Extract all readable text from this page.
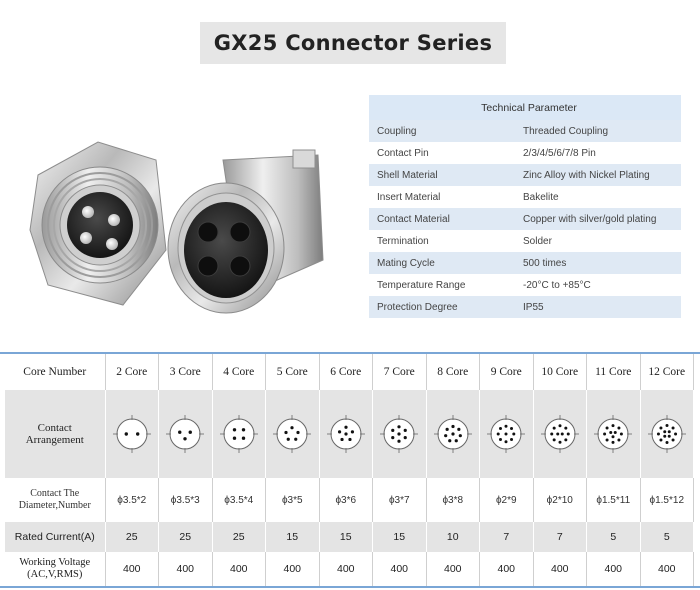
GX25 Connector Series
Technical Parameter	
Coupling	Threaded Coupling
Contact Pin	2/3/4/5/6/7/8 Pin
Shell Material	Zinc Alloy with Nickel Plating
Insert Material	Bakelite
Contact Material	Copper with silver/gold plating
Termination	Solder
Mating Cycle	500 times
Temperature Range	-20°C to +85°C
Protection Degree	IP55
Core Number	2 Core	3 Core	4 Core	5 Core	6 Core	7 Core	8 Core	9 Core	10 Core	11 Core	12 Core

Contact
Arrangement

Contact The
Diameter,Number	ϕ3.5*2	ϕ3.5*3	ϕ3.5*4	ϕ3*5	ϕ3*6	ϕ3*7	ϕ3*8	ϕ2*9	ϕ2*10	ϕ1.5*11	ϕ1.5*12
Rated Current(A)	25	25	25	15	15	15	10	7	7	5	5

Working Voltage
(AC,V,RMS)	400	400	400	400	400	400	400	400	400	400	400
